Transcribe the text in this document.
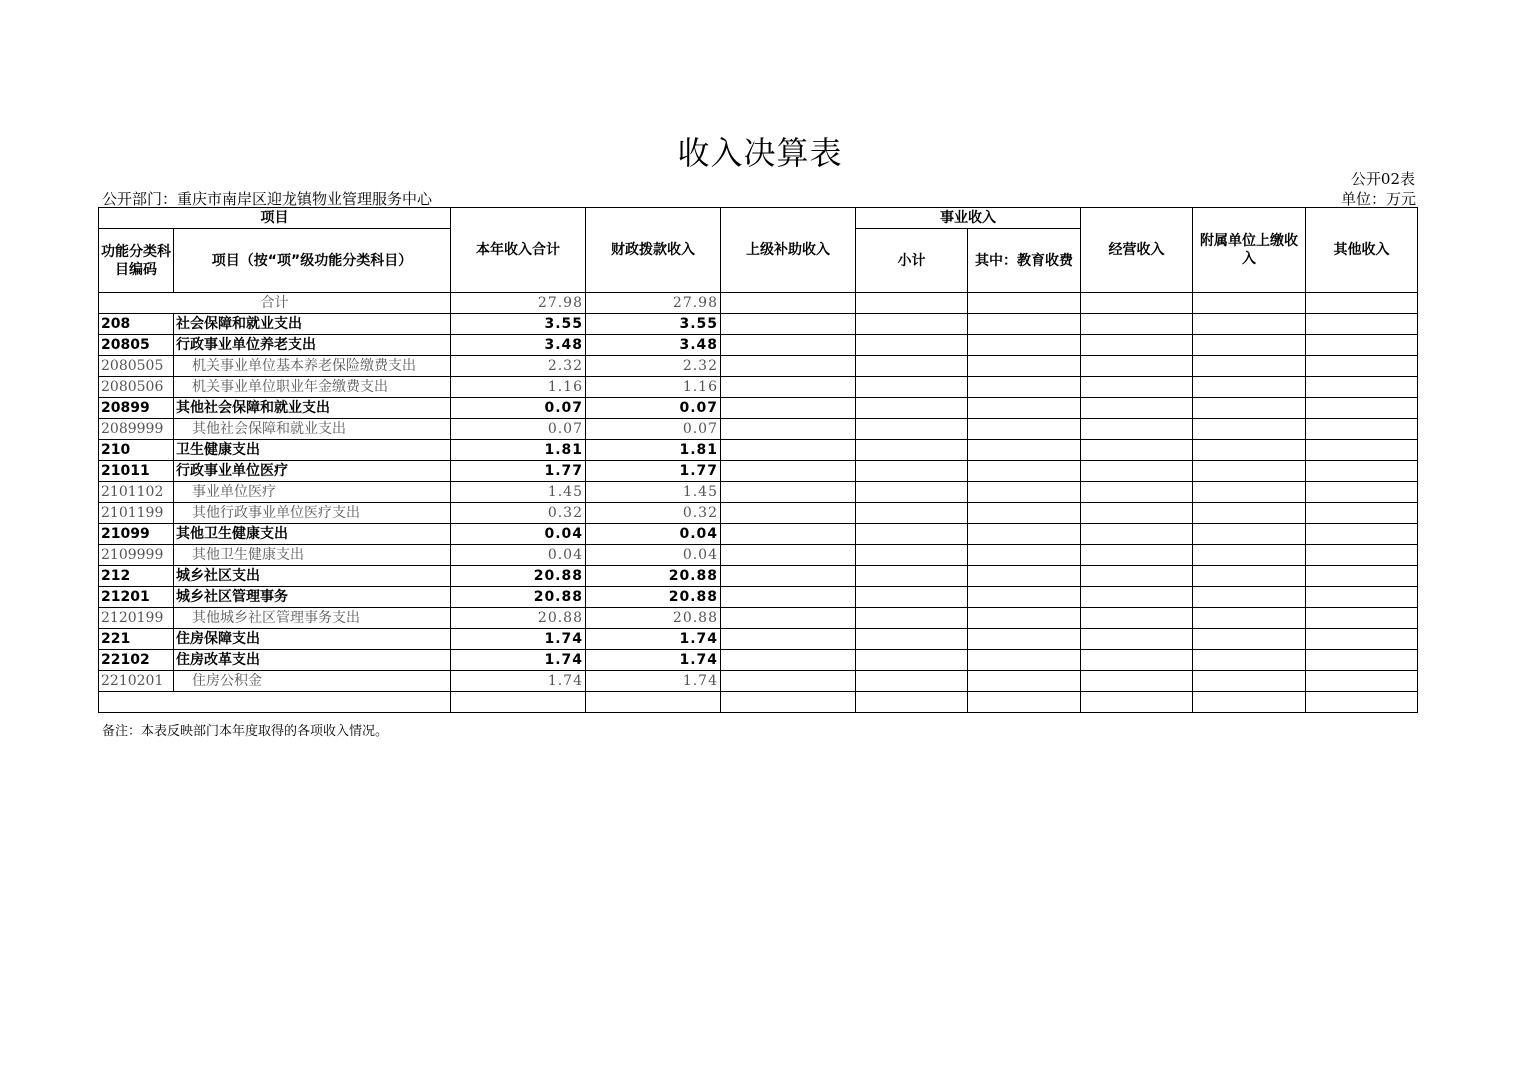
收入决算表
公开02表
公开部门：重庆市南岸区迎龙镇物业管理服务中心	单位：万元
项目		本年收入合计	财政拨款收入	上级补助收入	事业收入		经营收入	附属单位上缴收入	其他收入
功能分类科目编码	项目（按“项”级功能分类科目）				小计	其中：教育收费			
合计		27.98	27.98						
208	社会保障和就业支出	3.55	3.55						
20805	行政事业单位养老支出	3.48	3.48						
2080505	机关事业单位基本养老保险缴费支出	2.32	2.32						
2080506	机关事业单位职业年金缴费支出	1.16	1.16						
20899	其他社会保障和就业支出	0.07	0.07						
2089999	其他社会保障和就业支出	0.07	0.07						
210	卫生健康支出	1.81	1.81						
21011	行政事业单位医疗	1.77	1.77						
2101102	事业单位医疗	1.45	1.45						
2101199	其他行政事业单位医疗支出	0.32	0.32						
21099	其他卫生健康支出	0.04	0.04						
2109999	其他卫生健康支出	0.04	0.04						
212	城乡社区支出	20.88	20.88						
21201	城乡社区管理事务	20.88	20.88						
2120199	其他城乡社区管理事务支出	20.88	20.88						
221	住房保障支出	1.74	1.74						
22102	住房改革支出	1.74	1.74						
2210201	住房公积金	1.74	1.74						

备注：本表反映部门本年度取得的各项收入情况。
